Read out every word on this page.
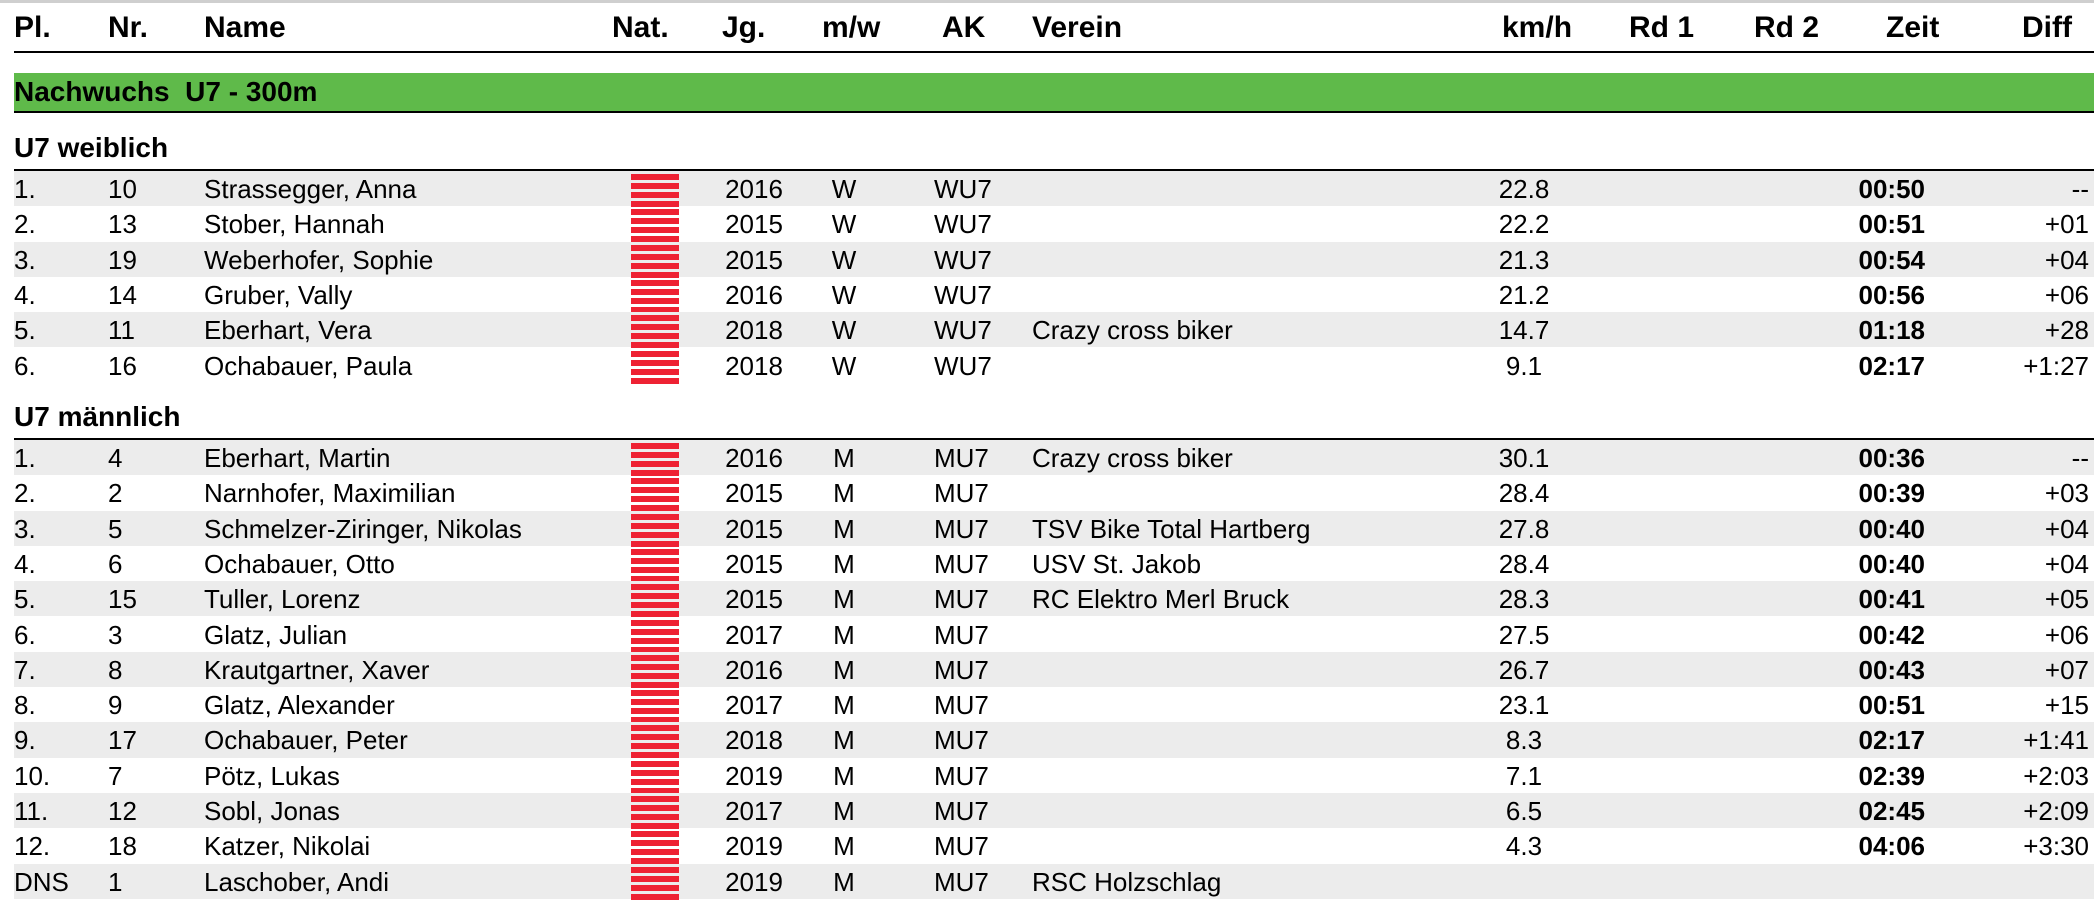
Pl. Nr. Name	Nat. Jg. m/w AK Verein	km/h Rd 1 Rd 2 Zeit	Diff
Nachwuchs  U7 - 300m
U7 weiblich
1.	10	Strassegger, Anna	2016	W	WU7	22.8	00:50	--
2.	13	Stober, Hannah	2015	W	WU7	22.2	00:51	+01
3.	19	Weberhofer, Sophie	2015	W	WU7	21.3	00:54	+04
4.	14	Gruber, Vally	2016	W	WU7	21.2	00:56	+06
5.	11	Eberhart, Vera	2018	W	WU7	Crazy cross biker	14.7	01:18	+28
6.	16	Ochabauer, Paula	2018	W	WU7	9.1	02:17	+1:27
U7 männlich
1.	4	Eberhart, Martin	2016	M	MU7	Crazy cross biker	30.1	00:36	--
2.	2	Narnhofer, Maximilian	2015	M	MU7	28.4	00:39	+03
3.	5	Schmelzer-Ziringer, Nikolas	2015	M	MU7	TSV Bike Total Hartberg	27.8	00:40	+04
4.	6	Ochabauer, Otto	2015	M	MU7	USV St. Jakob	28.4	00:40	+04
5.	15	Tuller, Lorenz	2015	M	MU7	RC Elektro Merl Bruck	28.3	00:41	+05
6.	3	Glatz, Julian	2017	M	MU7	27.5	00:42	+06
7.	8	Krautgartner, Xaver	2016	M	MU7	26.7	00:43	+07
8.	9	Glatz, Alexander	2017	M	MU7	23.1	00:51	+15
9.	17	Ochabauer, Peter	2018	M	MU7	8.3	02:17	+1:41
10.	7	Pötz, Lukas	2019	M	MU7	7.1	02:39	+2:03
11.	12	Sobl, Jonas	2017	M	MU7	6.5	02:45	+2:09
12.	18	Katzer, Nikolai	2019	M	MU7	4.3	04:06	+3:30
DNS 1	Laschober, Andi	2019	M	MU7	RSC Holzschlag
